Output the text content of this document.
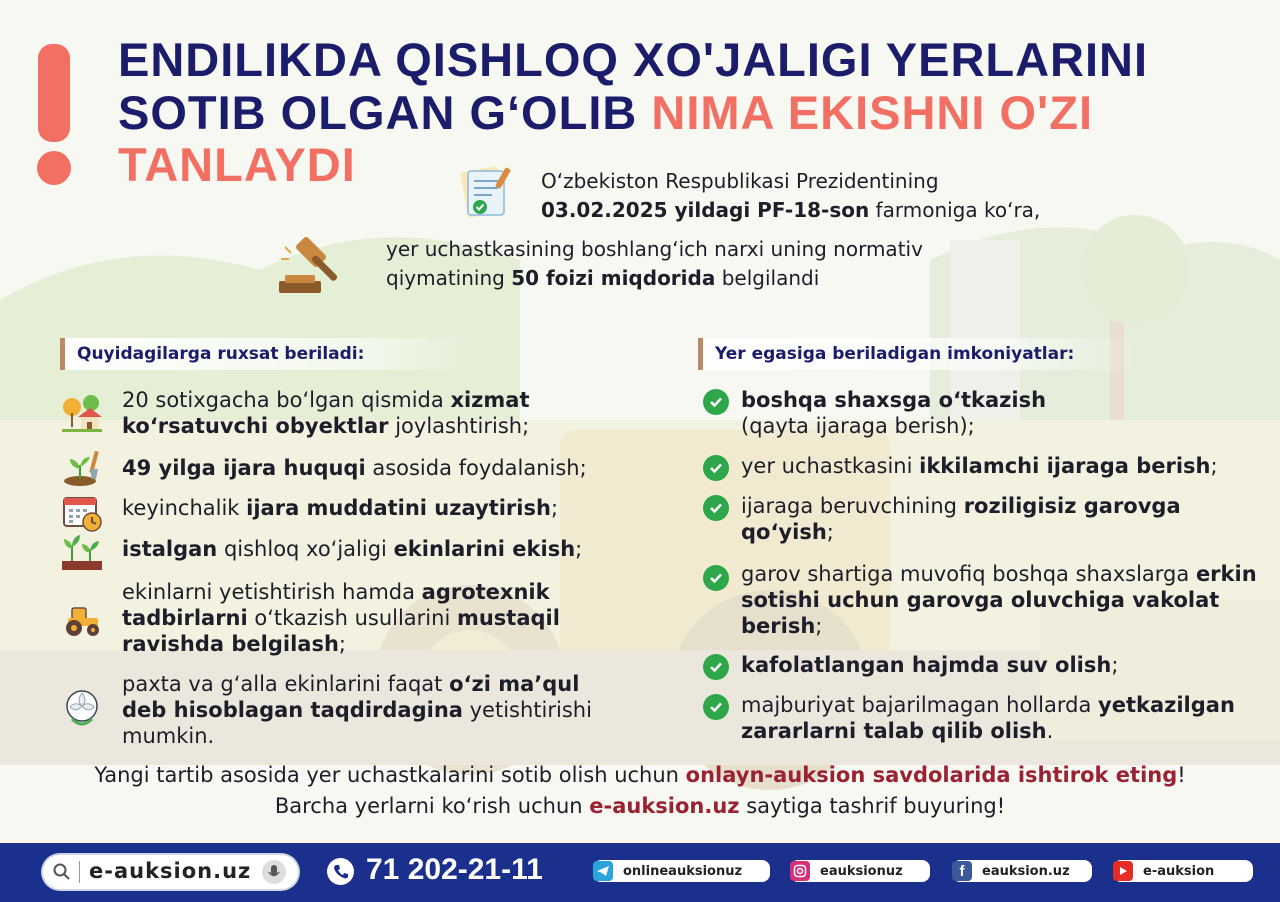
ENDILIKDA QISHLOQ XO'JALIGI YERLARINI
SOTIB OLGAN G‘OLIB NIMA EKISHNI O'ZI
TANLAYDI	O‘zbekiston Respublikasi Prezidentining
03.02.2025 yildagi PF-18-son farmoniga ko‘ra,
yer uchastkasining boshlang‘ich narxi uning normativ
qiymatining 50 foizi miqdorida belgilandi
Quyidagilarga ruxsat beriladi:	Yer egasiga beriladigan imkoniyatlar:
20 sotixgacha bo‘lgan qismida xizmat ko‘rsatuvchi obyektlar joylashtirish;
49 yilga ijara huquqi asosida foydalanish;
keyinchalik ijara muddatini uzaytirish;
istalgan qishloq xo‘jaligi ekinlarini ekish;
ekinlarni yetishtirish hamda agrotexnik tadbirlarni o‘tkazish usullarini mustaqil ravishda belgilash;
paxta va g‘alla ekinlarini faqat o‘zi ma’qul deb hisoblagan taqdirdagina yetishtirishi mumkin.
boshqa shaxsga o‘tkazish
(qayta ijaraga berish);
yer uchastkasini ikkilamchi ijaraga berish;
ijaraga beruvchining roziligisiz garovga qo‘yish;
garov shartiga muvofiq boshqa shaxslarga erkin sotishi uchun garovga oluvchiga vakolat berish;
kafolatlangan hajmda suv olish;
majburiyat bajarilmagan hollarda yetkazilgan zararlarni talab qilib olish.
Yangi tartib asosida yer uchastkalarini sotib olish uchun onlayn-auksion savdolarida ishtirok eting!
Barcha yerlarni ko‘rish uchun e-auksion.uz saytiga tashrif buyuring!
e-auksion.uz	71 202-21-11	onlineauksionuz	eauksionuz	eauksion.uz
f	e-auksion
